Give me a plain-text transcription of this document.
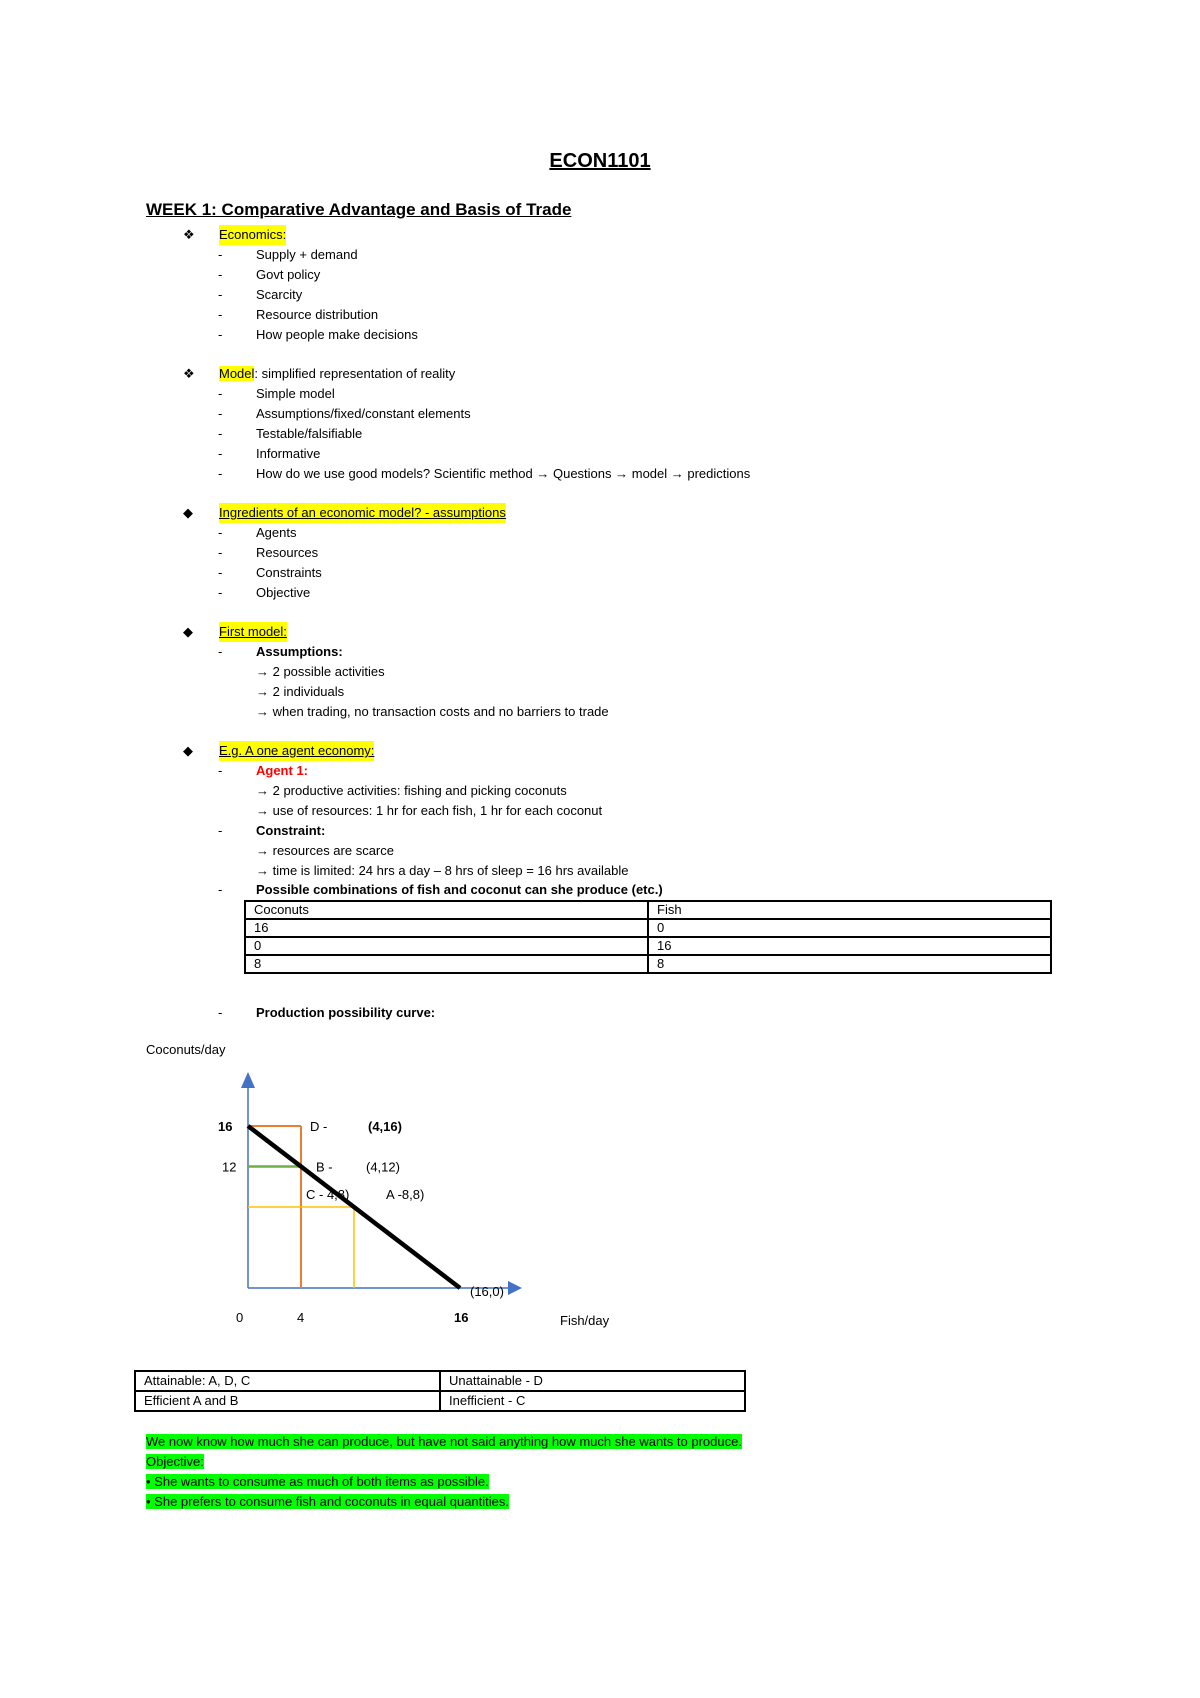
ECON1101
WEEK 1: Comparative Advantage and Basis of Trade
❖	Economics:
-	Supply + demand
-	Govt policy
-	Scarcity
-	Resource distribution
-	How people make decisions
❖	Model: simplified representation of reality
-	Simple model
-	Assumptions/fixed/constant elements
-	Testable/falsifiable
-	Informative
-	How do we use good models? Scientific method → Questions → model → predictions
◆	Ingredients of an economic model? - assumptions
-	Agents
-	Resources
-	Constraints
-	Objective
◆	First model:
-	Assumptions:
→ 2 possible activities
→ 2 individuals
→ when trading, no transaction costs and no barriers to trade
◆	E.g. A one agent economy:
-	Agent 1:
→ 2 productive activities: fishing and picking coconuts
→ use of resources: 1 hr for each fish, 1 hr for each coconut
-	Constraint:
→ resources are scarce
→ time is limited: 24 hrs a day – 8 hrs of sleep = 16 hrs available
-	Possible combinations of fish and coconut can she produce (etc.)
Coconuts	Fish
16	0
0	16
8	8
-	Production possibility curve:
Coconuts/day
Fish/day
16
12
0	4	16
D -	(4,16)
B -	(4,12)
C - 4,8)	A -8,8)
(16,0)
Attainable: A, D, C	Unattainable - D
Efficient A and B	Inefficient - C
We now know how much she can produce, but have not said anything how much she wants to produce.
Objective:
• She wants to consume as much of both items as possible.
• She prefers to consume fish and coconuts in equal quantities.
